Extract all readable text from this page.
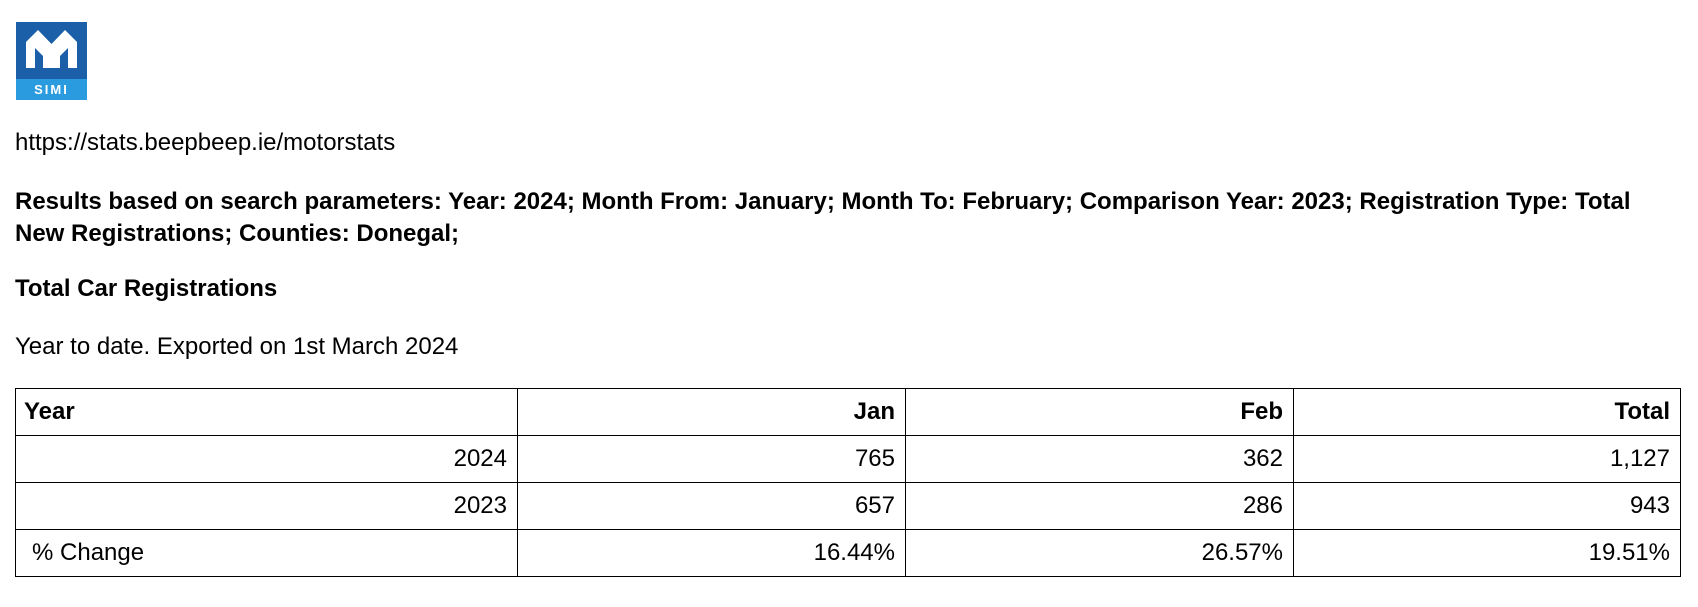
SIMI
https://stats.beepbeep.ie/motorstats
Results based on search parameters: Year: 2024; Month From: January; Month To: February; Comparison Year: 2023; Registration Type: Total New Registrations; Counties: Donegal;
Total Car Registrations
Year to date. Exported on 1st March 2024
Year	Jan	Feb	Total
2024	765	362	1,127
2023	657	286	943
% Change	16.44%	26.57%	19.51%
